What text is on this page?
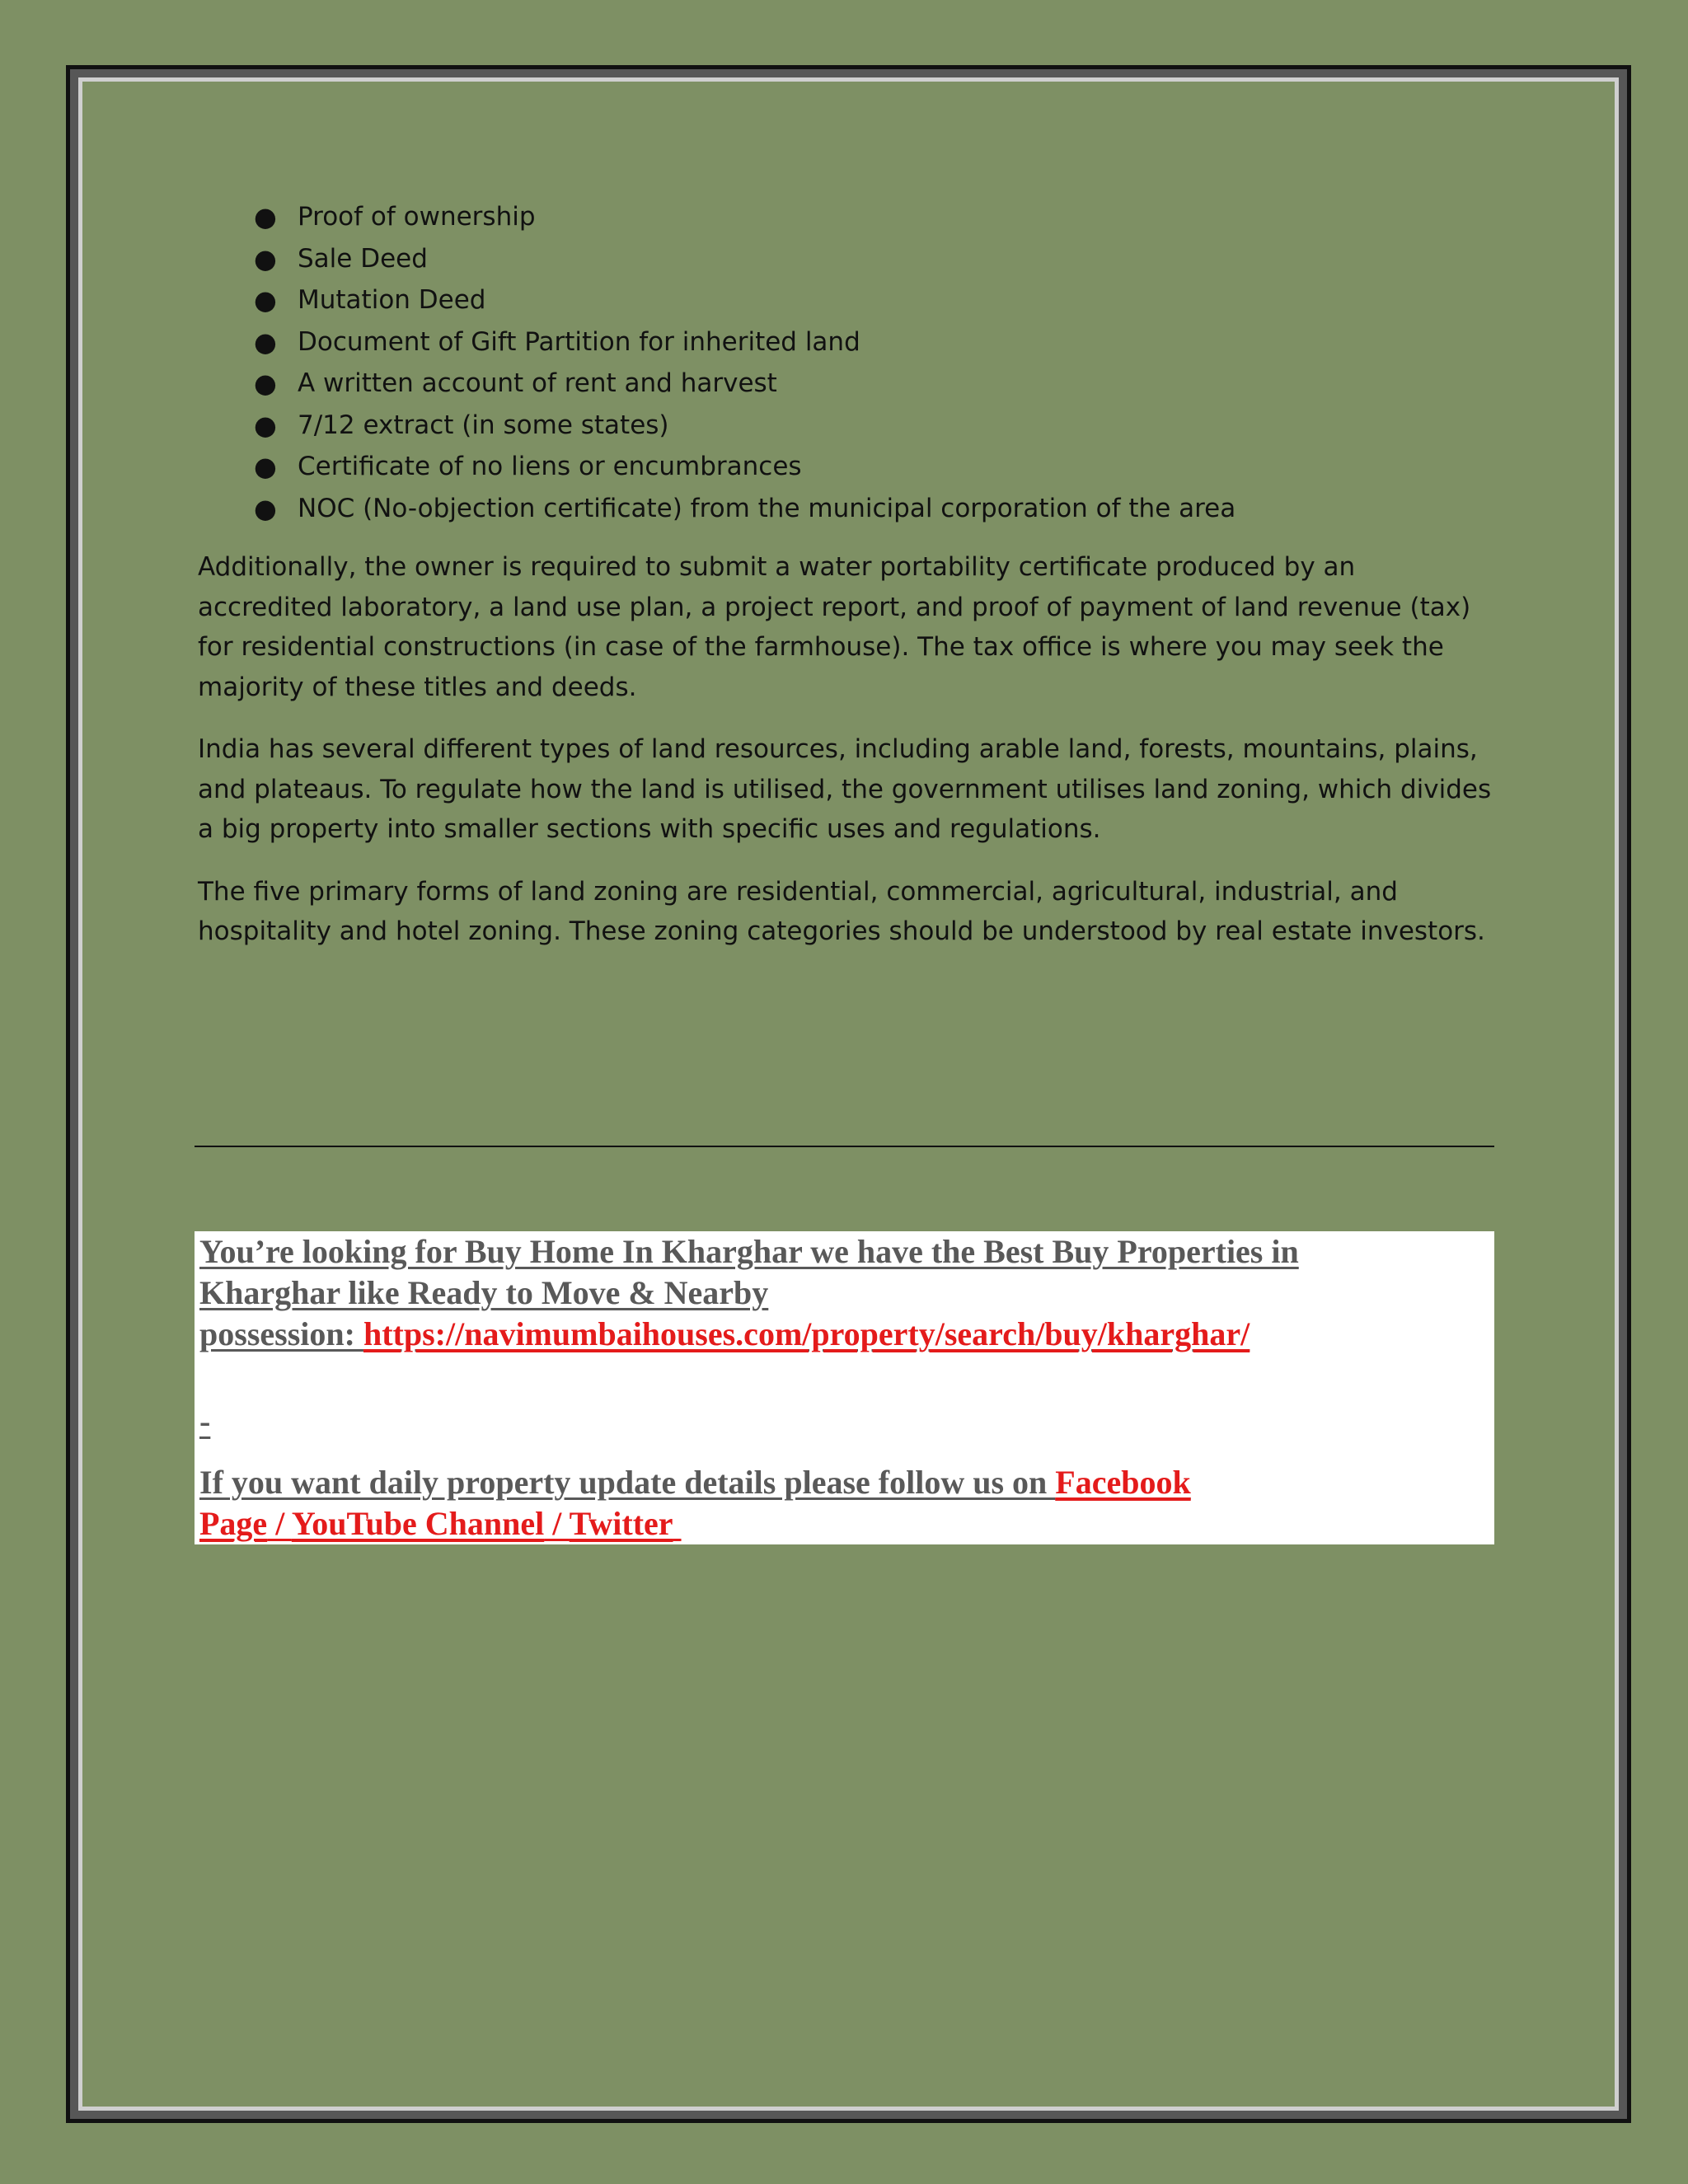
● Proof of ownership
● Sale Deed
● Mutation Deed
● Document of Gift Partition for inherited land
● A written account of rent and harvest
● 7/12 extract (in some states)
● Certificate of no liens or encumbrances
● NOC (No-objection certificate) from the municipal corporation of the area

Additionally, the owner is required to submit a water portability certificate produced by an accredited laboratory, a land use plan, a project report, and proof of payment of land revenue (tax) for residential constructions (in case of the farmhouse). The tax office is where you may seek the majority of these titles and deeds.

India has several different types of land resources, including arable land, forests, mountains, plains, and plateaus. To regulate how the land is utilised, the government utilises land zoning, which divides a big property into smaller sections with specific uses and regulations.

The five primary forms of land zoning are residential, commercial, agricultural, industrial, and hospitality and hotel zoning. These zoning categories should be understood by real estate investors.

You’re looking for Buy Home In Kharghar we have the Best Buy Properties in
Kharghar like Ready to Move & Nearby
possession: https://navimumbaihouses.com/property/search/buy/kharghar/
-
If you want daily property update details please follow us on Facebook
Page / YouTube Channel / Twitter
